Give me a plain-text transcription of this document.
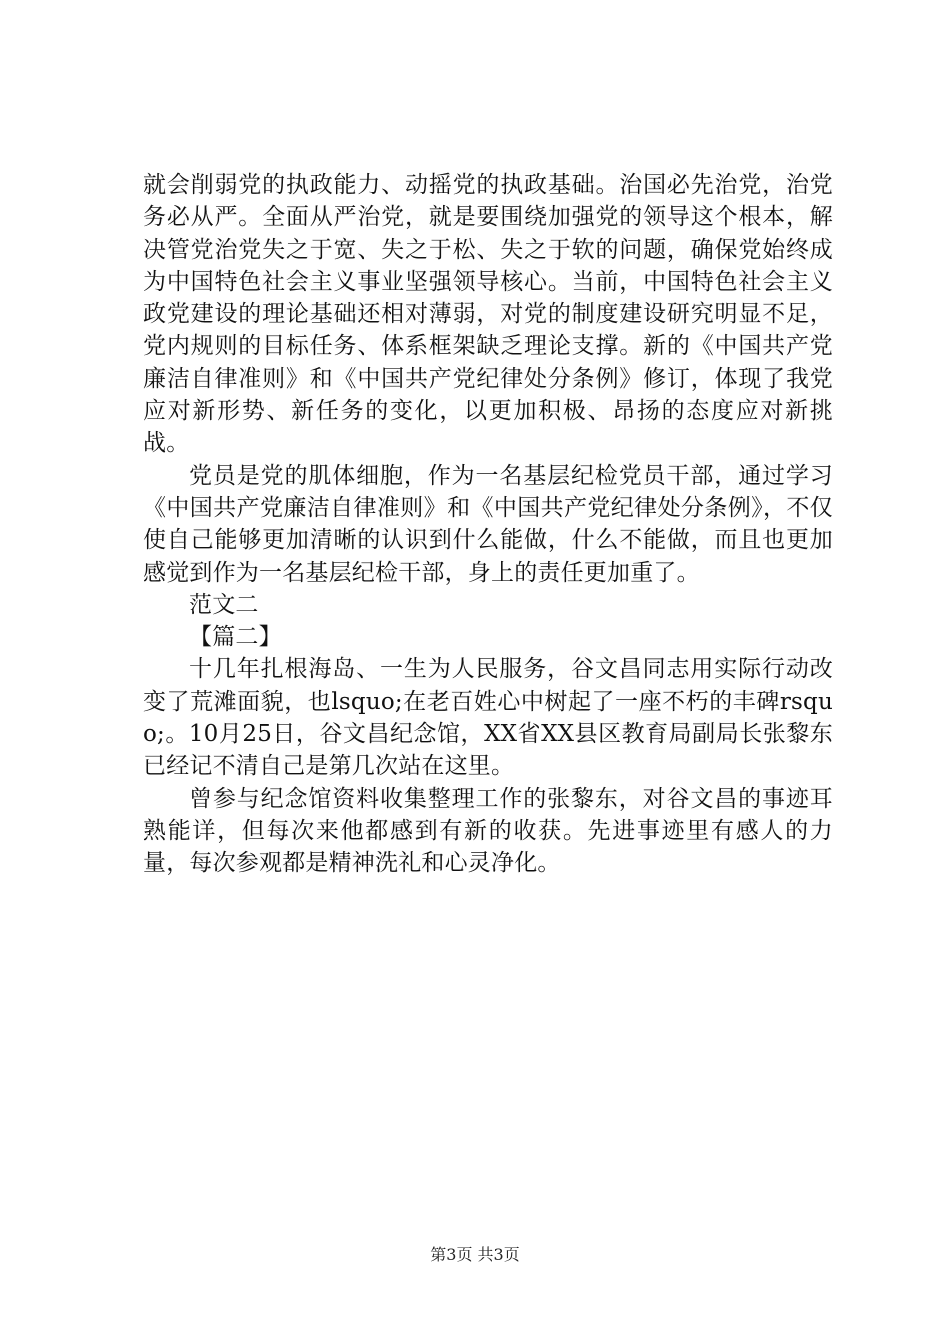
就会削弱党的执政能力、动摇党的执政基础。治国必先治党，治党务必从严。全面从严治党，就是要围绕加强党的领导这个根本，解决管党治党失之于宽、失之于松、失之于软的问题，确保党始终成为中国特色社会主义事业坚强领导核心。当前，中国特色社会主义政党建设的理论基础还相对薄弱，对党的制度建设研究明显不足，党内规则的目标任务、体系框架缺乏理论支撑。新的《中国共产党廉洁自律准则》和《中国共产党纪律处分条例》修订，体现了我党应对新形势、新任务的变化，以更加积极、昂扬的态度应对新挑战。

党员是党的肌体细胞，作为一名基层纪检党员干部，通过学习《中国共产党廉洁自律准则》和《中国共产党纪律处分条例》，不仅使自己能够更加清晰的认识到什么能做，什么不能做，而且也更加感觉到作为一名基层纪检干部，身上的责任更加重了。

范文二

【篇二】

十几年扎根海岛、一生为人民服务，谷文昌同志用实际行动改变了荒滩面貌，也lsquo;在老百姓心中树起了一座不朽的丰碑rsquo;。10月25日，谷文昌纪念馆，XX省XX县区教育局副局长张黎东已经记不清自己是第几次站在这里。

曾参与纪念馆资料收集整理工作的张黎东，对谷文昌的事迹耳熟能详，但每次来他都感到有新的收获。先进事迹里有感人的力量，每次参观都是精神洗礼和心灵净化。

第3页 共3页
